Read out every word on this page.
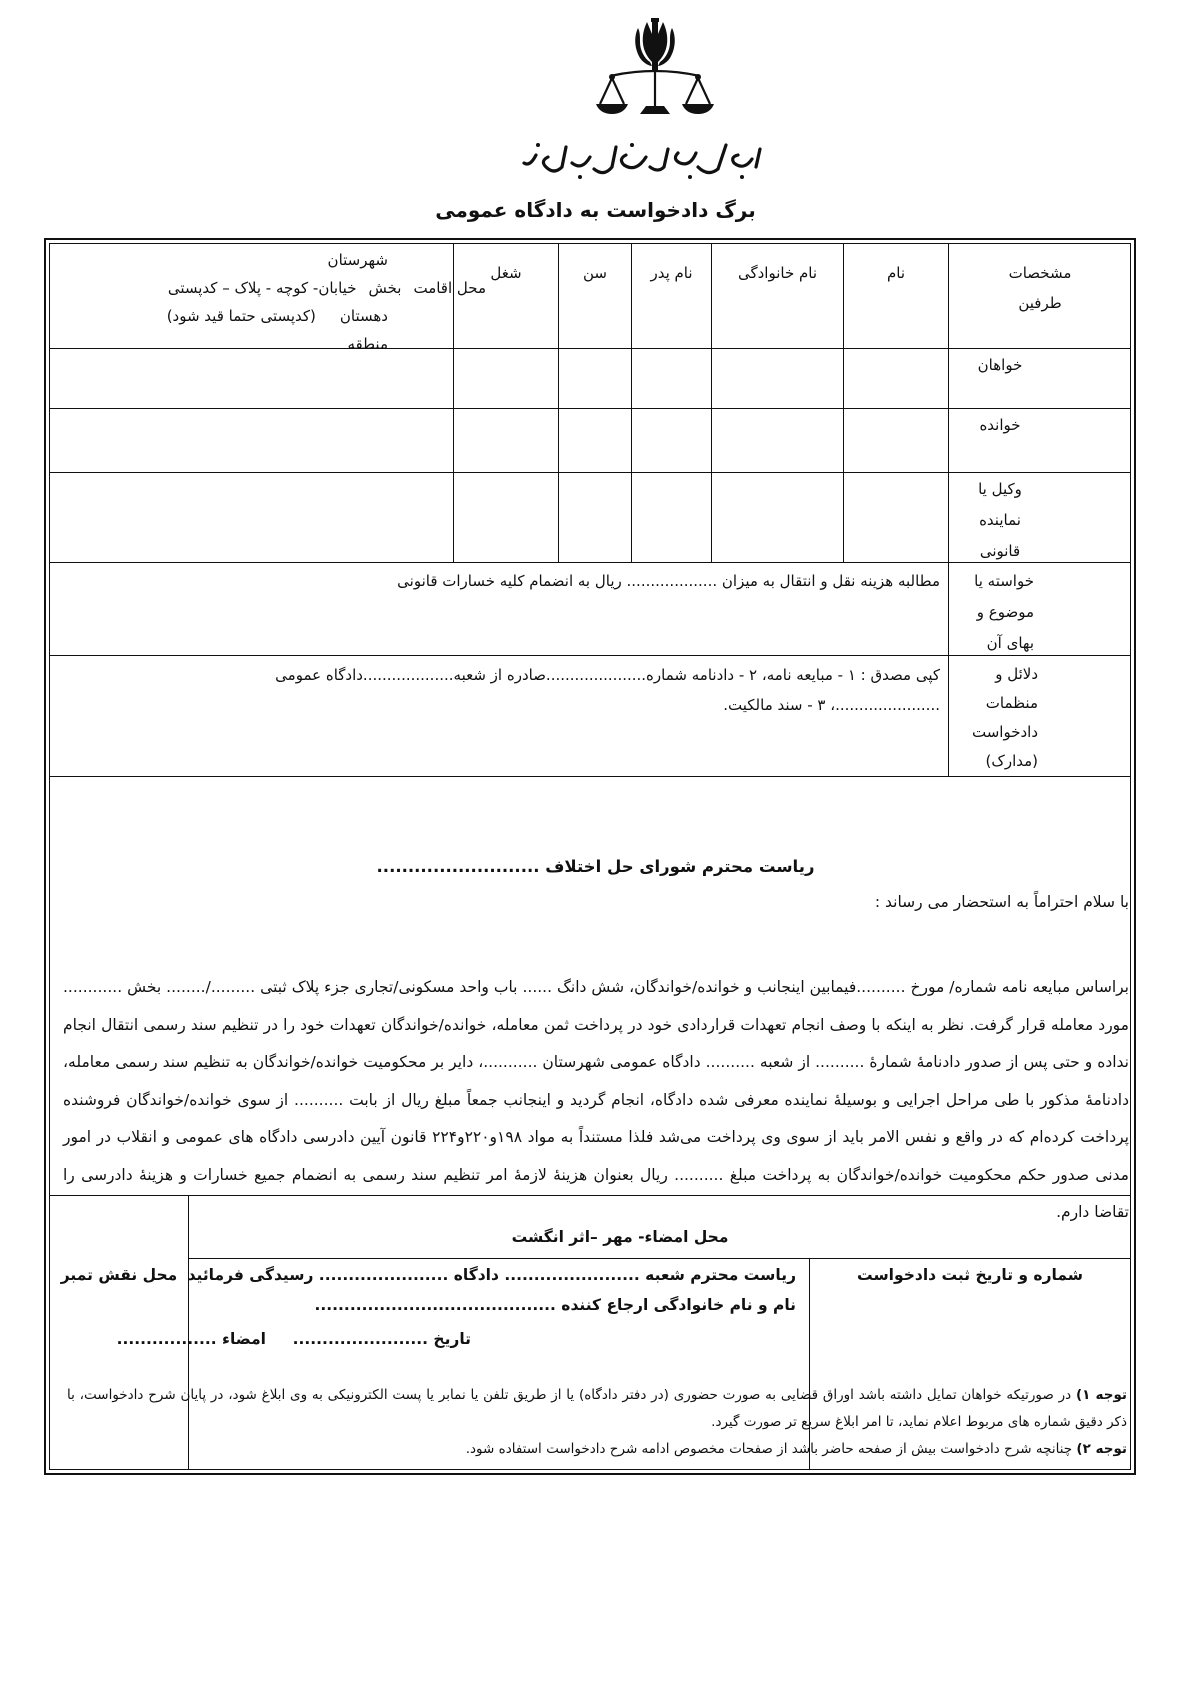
برگ دادخواست به دادگاه عمومی
مشخصات طرفین
نام
نام خانوادگی
نام پدر
سن
شغل
شهرستان
محل اقامت
بخش
خیابان- کوچه - پلاک – کدپستی
دهستان
(کدپستی حتما قید شود)
منطقه
خواهان
خوانده
وکیل یا نماینده قانونی
خواسته یا موضوع و بهای آن
مطالبه هزینه نقل و انتقال به میزان ................... ریال به انضمام کلیه خسارات قانونی
دلائل و منظمات دادخواست (مدارک)
کپی مصدق : ۱ - مبایعه نامه، ۲ - دادنامه شماره.....................صادره از شعبه...................دادگاه عمومی
......................، ۳ - سند مالکیت.
ریاست محترم شورای حل اختلاف ..........................
با سلام احتراماً به استحضار می رساند :
براساس مبایعه نامه شماره/ مورخ ..........فیمابین اینجانب و خوانده/خواندگان، شش دانگ ...... باب واحد مسکونی/تجاری جزء پلاک ثبتی ........./........ بخش ............ مورد معامله قرار گرفت. نظر به اینکه با وصف انجام تعهدات قراردادی خود در پرداخت ثمن معامله، خوانده/خواندگان تعهدات خود را در تنظیم سند رسمی انتقال انجام نداده و حتی پس از صدور دادنامۀ شمارۀ .......... از شعبه .......... دادگاه عمومی شهرستان ...........، دایر بر محکومیت خوانده/خواندگان به تنظیم سند رسمی معامله، دادنامۀ مذکور با طی مراحل اجرایی و بوسیلۀ نماینده معرفی شده دادگاه، انجام گردید و اینجانب جمعاً مبلغ ریال از بابت .......... از سوی خوانده/خواندگان فروشنده پرداخت کرده‌ام که در واقع و نفس الامر باید از سوی وی پرداخت می‌شد فلذا مستنداً به مواد ۱۹۸و۲۲۰و۲۲۴ قانون آیین دادرسی دادگاه های عمومی و انقلاب در امور مدنی صدور حکم محکومیت خوانده/خواندگان به پرداخت مبلغ .......... ریال بعنوان هزینۀ لازمۀ امر تنظیم سند رسمی به انضمام جمیع خسارات و هزینۀ دادرسی را تقاضا دارم.
محل امضاء- مهر –اثر انگشت
ریاست محترم شعبه ....................... دادگاه ...................... رسیدگی فرمائید
نام و نام خانوادگی ارجاع کننده .........................................
تاریخ .......................
امضاء .................
شماره و تاریخ ثبت دادخواست
محل نقش تمبر
توجه ۱) در صورتیکه خواهان تمایل داشته باشد اوراق قضایی به صورت حضوری (در دفتر دادگاه) یا از طریق تلفن یا نمابر یا پست الکترونیکی به وی ابلاغ شود، در پایان شرح دادخواست، با ذکر دقیق شماره های مربوط اعلام نماید، تا امر ابلاغ سریع تر صورت گیرد.
توجه ۲) چنانچه شرح دادخواست بیش از صفحه حاضر باشد از صفحات مخصوص ادامه شرح دادخواست استفاده شود.
